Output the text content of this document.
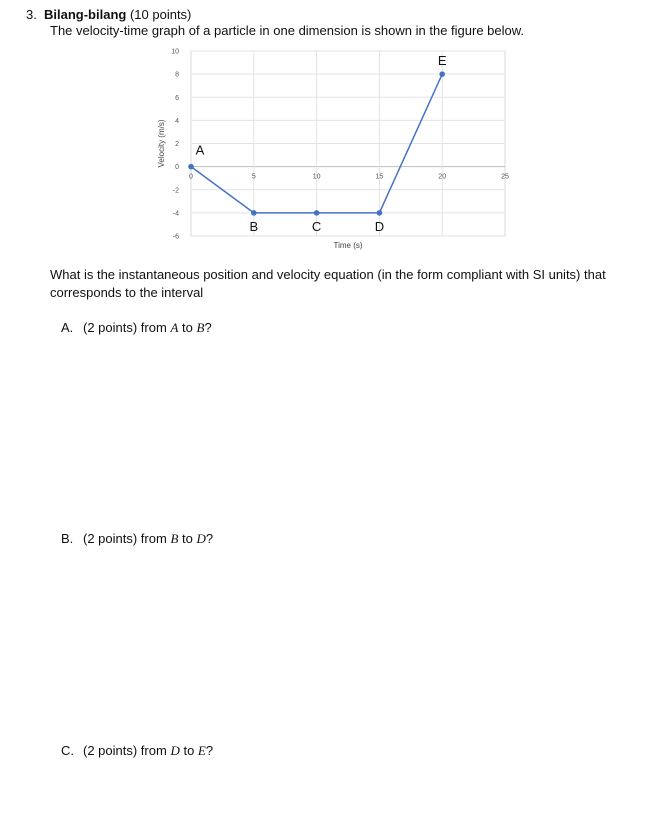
3. Bilang-bilang (10 points)
The velocity-time graph of a particle in one dimension is shown in the figure below.
-6
-4
-2
0
2
4
6
8
10
0	5	10	15	20	25
Velocity (m/s)
Time (s)
A
B	C	D
E
What is the instantaneous position and velocity equation (in the form compliant with SI units) that corresponds to the interval
A. (2 points) from A to B?
B. (2 points) from B to D?
C. (2 points) from D to E?
